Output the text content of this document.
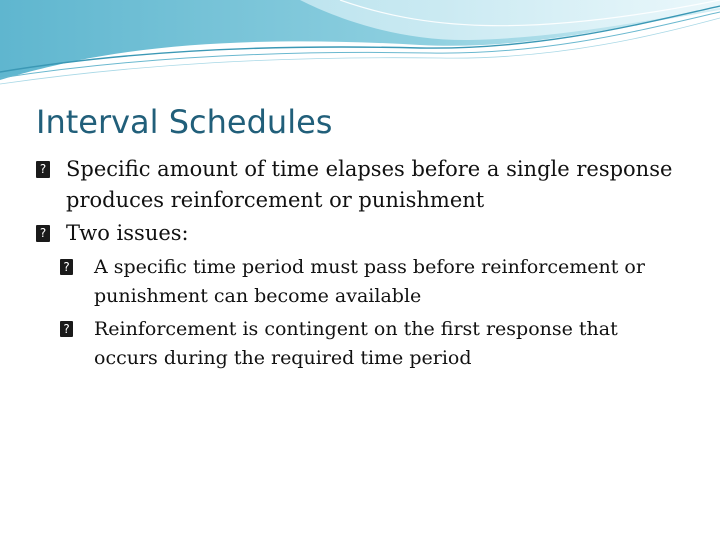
Interval Schedules

?
Specific amount of time elapses before a single response produces reinforcement or punishment

?
Two issues:

?
A specific time period must pass before reinforcement or punishment can become available

?
Reinforcement is contingent on the first response that occurs during the required time period
